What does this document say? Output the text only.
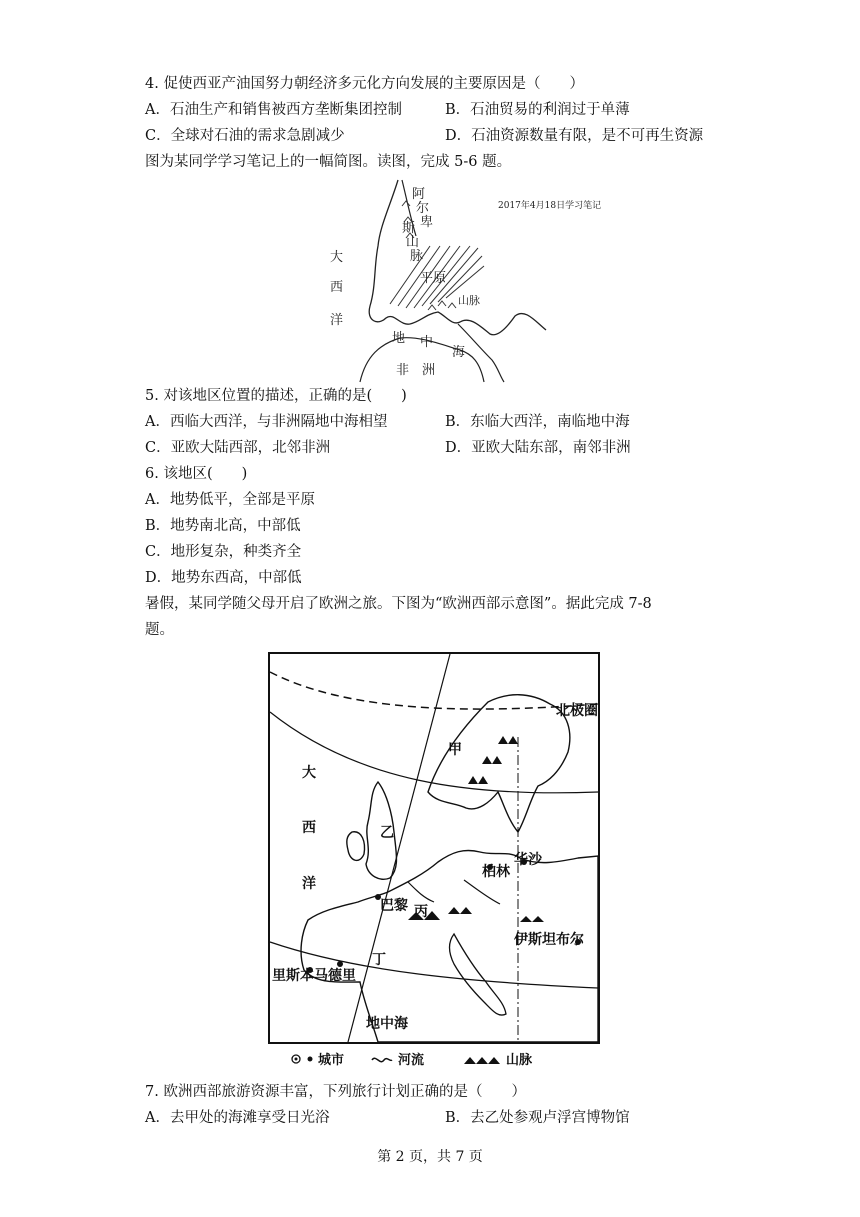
4. 促使西亚产油国努力朝经济多元化方向发展的主要原因是（　　）
A．石油生产和销售被西方垄断集团控制	B．石油贸易的利润过于单薄
C．全球对石油的需求急剧减少	D．石油资源数量有限，是不可再生资源
图为某同学学习笔记上的一幅简图。读图，完成 5-6 题。
2017年4月18日学习笔记
阿
尔
卑
斯
山
脉
大
西
洋
平原
山脉
地 中
海
非　洲
5. 对该地区位置的描述，正确的是(　　)
A．西临大西洋，与非洲隔地中海相望	B．东临大西洋，南临地中海
C．亚欧大陆西部，北邻非洲	D．亚欧大陆东部，南邻非洲
6. 该地区(　　)
A．地势低平，全部是平原
B．地势南北高，中部低
C．地形复杂，种类齐全
D．地势东西高，中部低
暑假，某同学随父母开启了欧洲之旅。下图为“欧洲西部示意图”。据此完成 7-8
题。
北极圈
甲
乙
丙
丁
大
西
洋
柏林
华沙
巴黎
伊斯坦布尔
里斯本马德里
地中海
城市	河流	山脉
7. 欧洲西部旅游资源丰富，下列旅行计划正确的是（　　）
A．去甲处的海滩享受日光浴	B．去乙处参观卢浮宫博物馆
第 2 页，共 7 页
